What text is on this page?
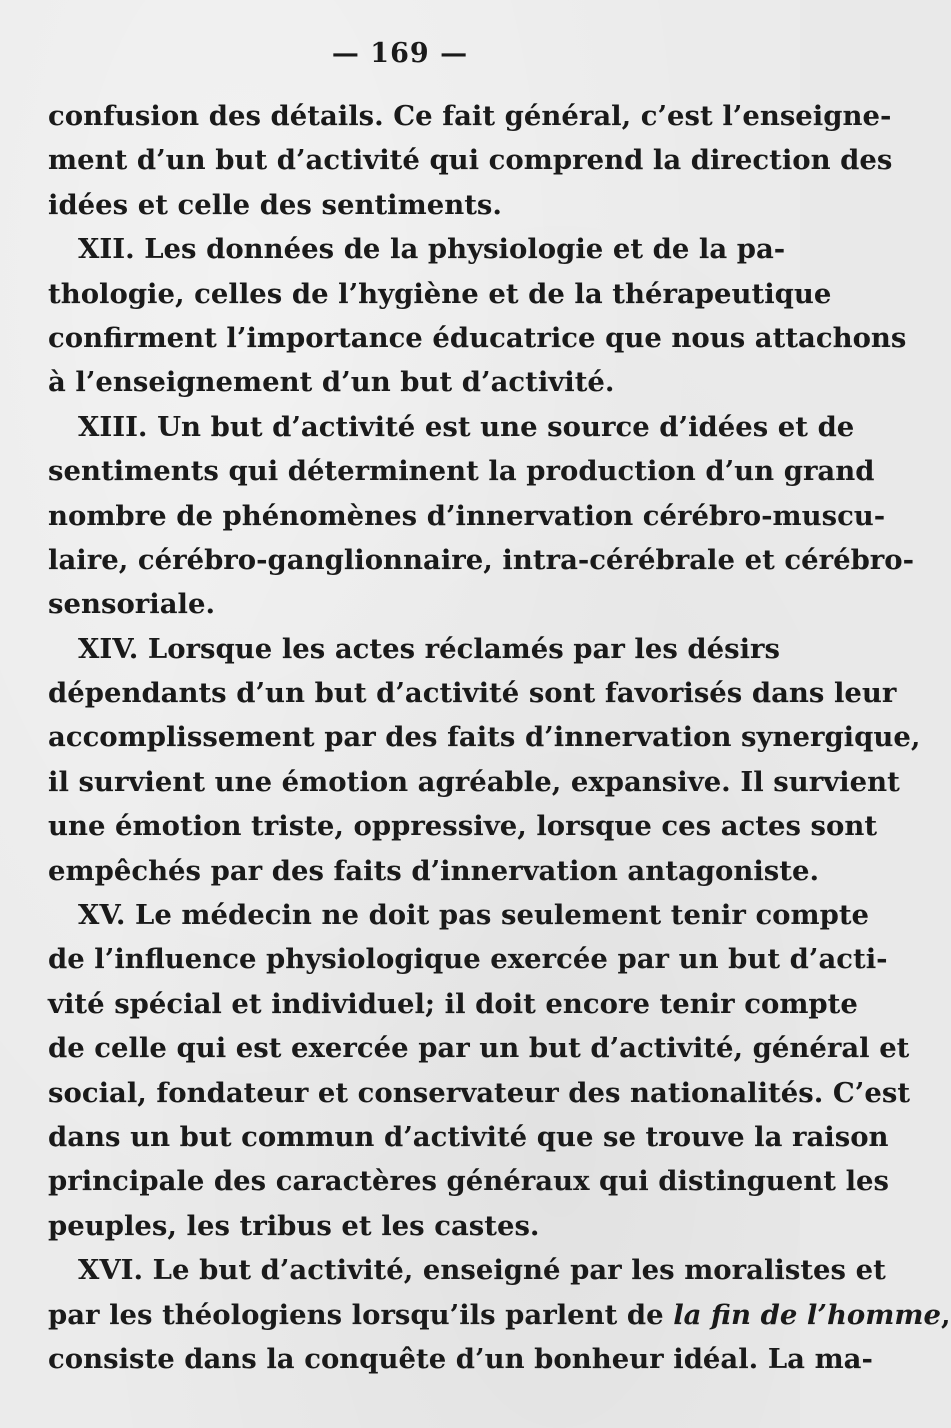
— 169 —
confusion des détails. Ce fait général, c’est l’enseigne-
ment d’un but d’activité qui comprend la direction des
idées et celle des sentiments.
XII. Les données de la physiologie et de la pa-
thologie, celles de l’hygiène et de la thérapeutique
confirment l’importance éducatrice que nous attachons
à l’enseignement d’un but d’activité.
XIII. Un but d’activité est une source d’idées et de
sentiments qui déterminent la production d’un grand
nombre de phénomènes d’innervation cérébro-muscu-
laire, cérébro-ganglionnaire, intra-cérébrale et cérébro-
sensoriale.
XIV. Lorsque les actes réclamés par les désirs
dépendants d’un but d’activité sont favorisés dans leur
accomplissement par des faits d’innervation synergique,
il survient une émotion agréable, expansive. Il survient
une émotion triste, oppressive, lorsque ces actes sont
empêchés par des faits d’innervation antagoniste.
XV. Le médecin ne doit pas seulement tenir compte
de l’influence physiologique exercée par un but d’acti-
vité spécial et individuel; il doit encore tenir compte
de celle qui est exercée par un but d’activité, général et
social, fondateur et conservateur des nationalités. C’est
dans un but commun d’activité que se trouve la raison
principale des caractères généraux qui distinguent les
peuples, les tribus et les castes.
XVI. Le but d’activité, enseigné par les moralistes et
par les théologiens lorsqu’ils parlent de la fin de l’homme,
consiste dans la conquête d’un bonheur idéal. La ma-
